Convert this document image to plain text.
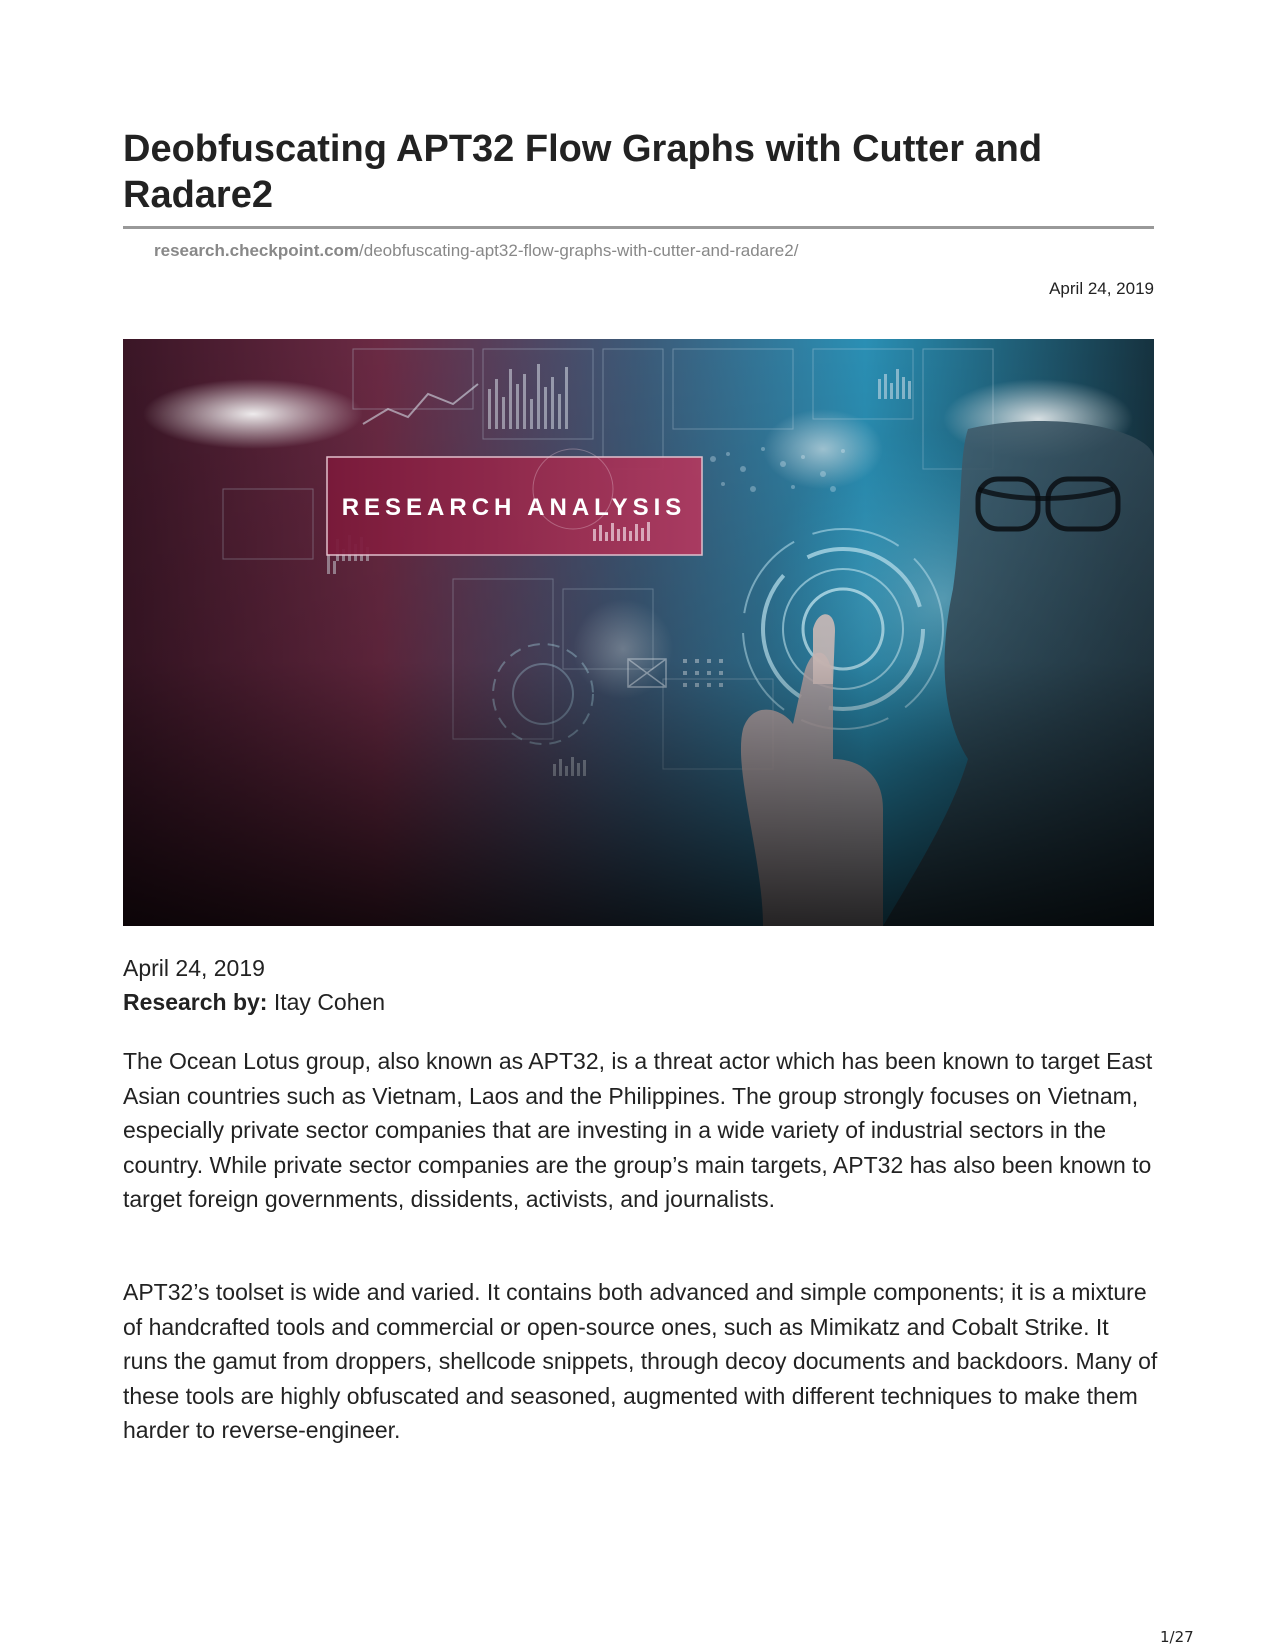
Deobfuscating APT32 Flow Graphs with Cutter and Radare2
research.checkpoint.com/deobfuscating-apt32-flow-graphs-with-cutter-and-radare2/
April 24, 2019
RESEARCH ANALYSIS
April 24, 2019
Research by: Itay Cohen

The Ocean Lotus group, also known as APT32, is a threat actor which has been known to target East Asian countries such as Vietnam, Laos and the Philippines. The group strongly focuses on Vietnam, especially private sector companies that are investing in a wide variety of industrial sectors in the country. While private sector companies are the group’s main targets, APT32 has also been known to target foreign governments, dissidents, activists, and journalists.

APT32’s toolset is wide and varied. It contains both advanced and simple components; it is a mixture of handcrafted tools and commercial or open-source ones, such as Mimikatz and Cobalt Strike. It runs the gamut from droppers, shellcode snippets, through decoy documents and backdoors. Many of these tools are highly obfuscated and seasoned, augmented with different techniques to make them harder to reverse-engineer.

1/27
